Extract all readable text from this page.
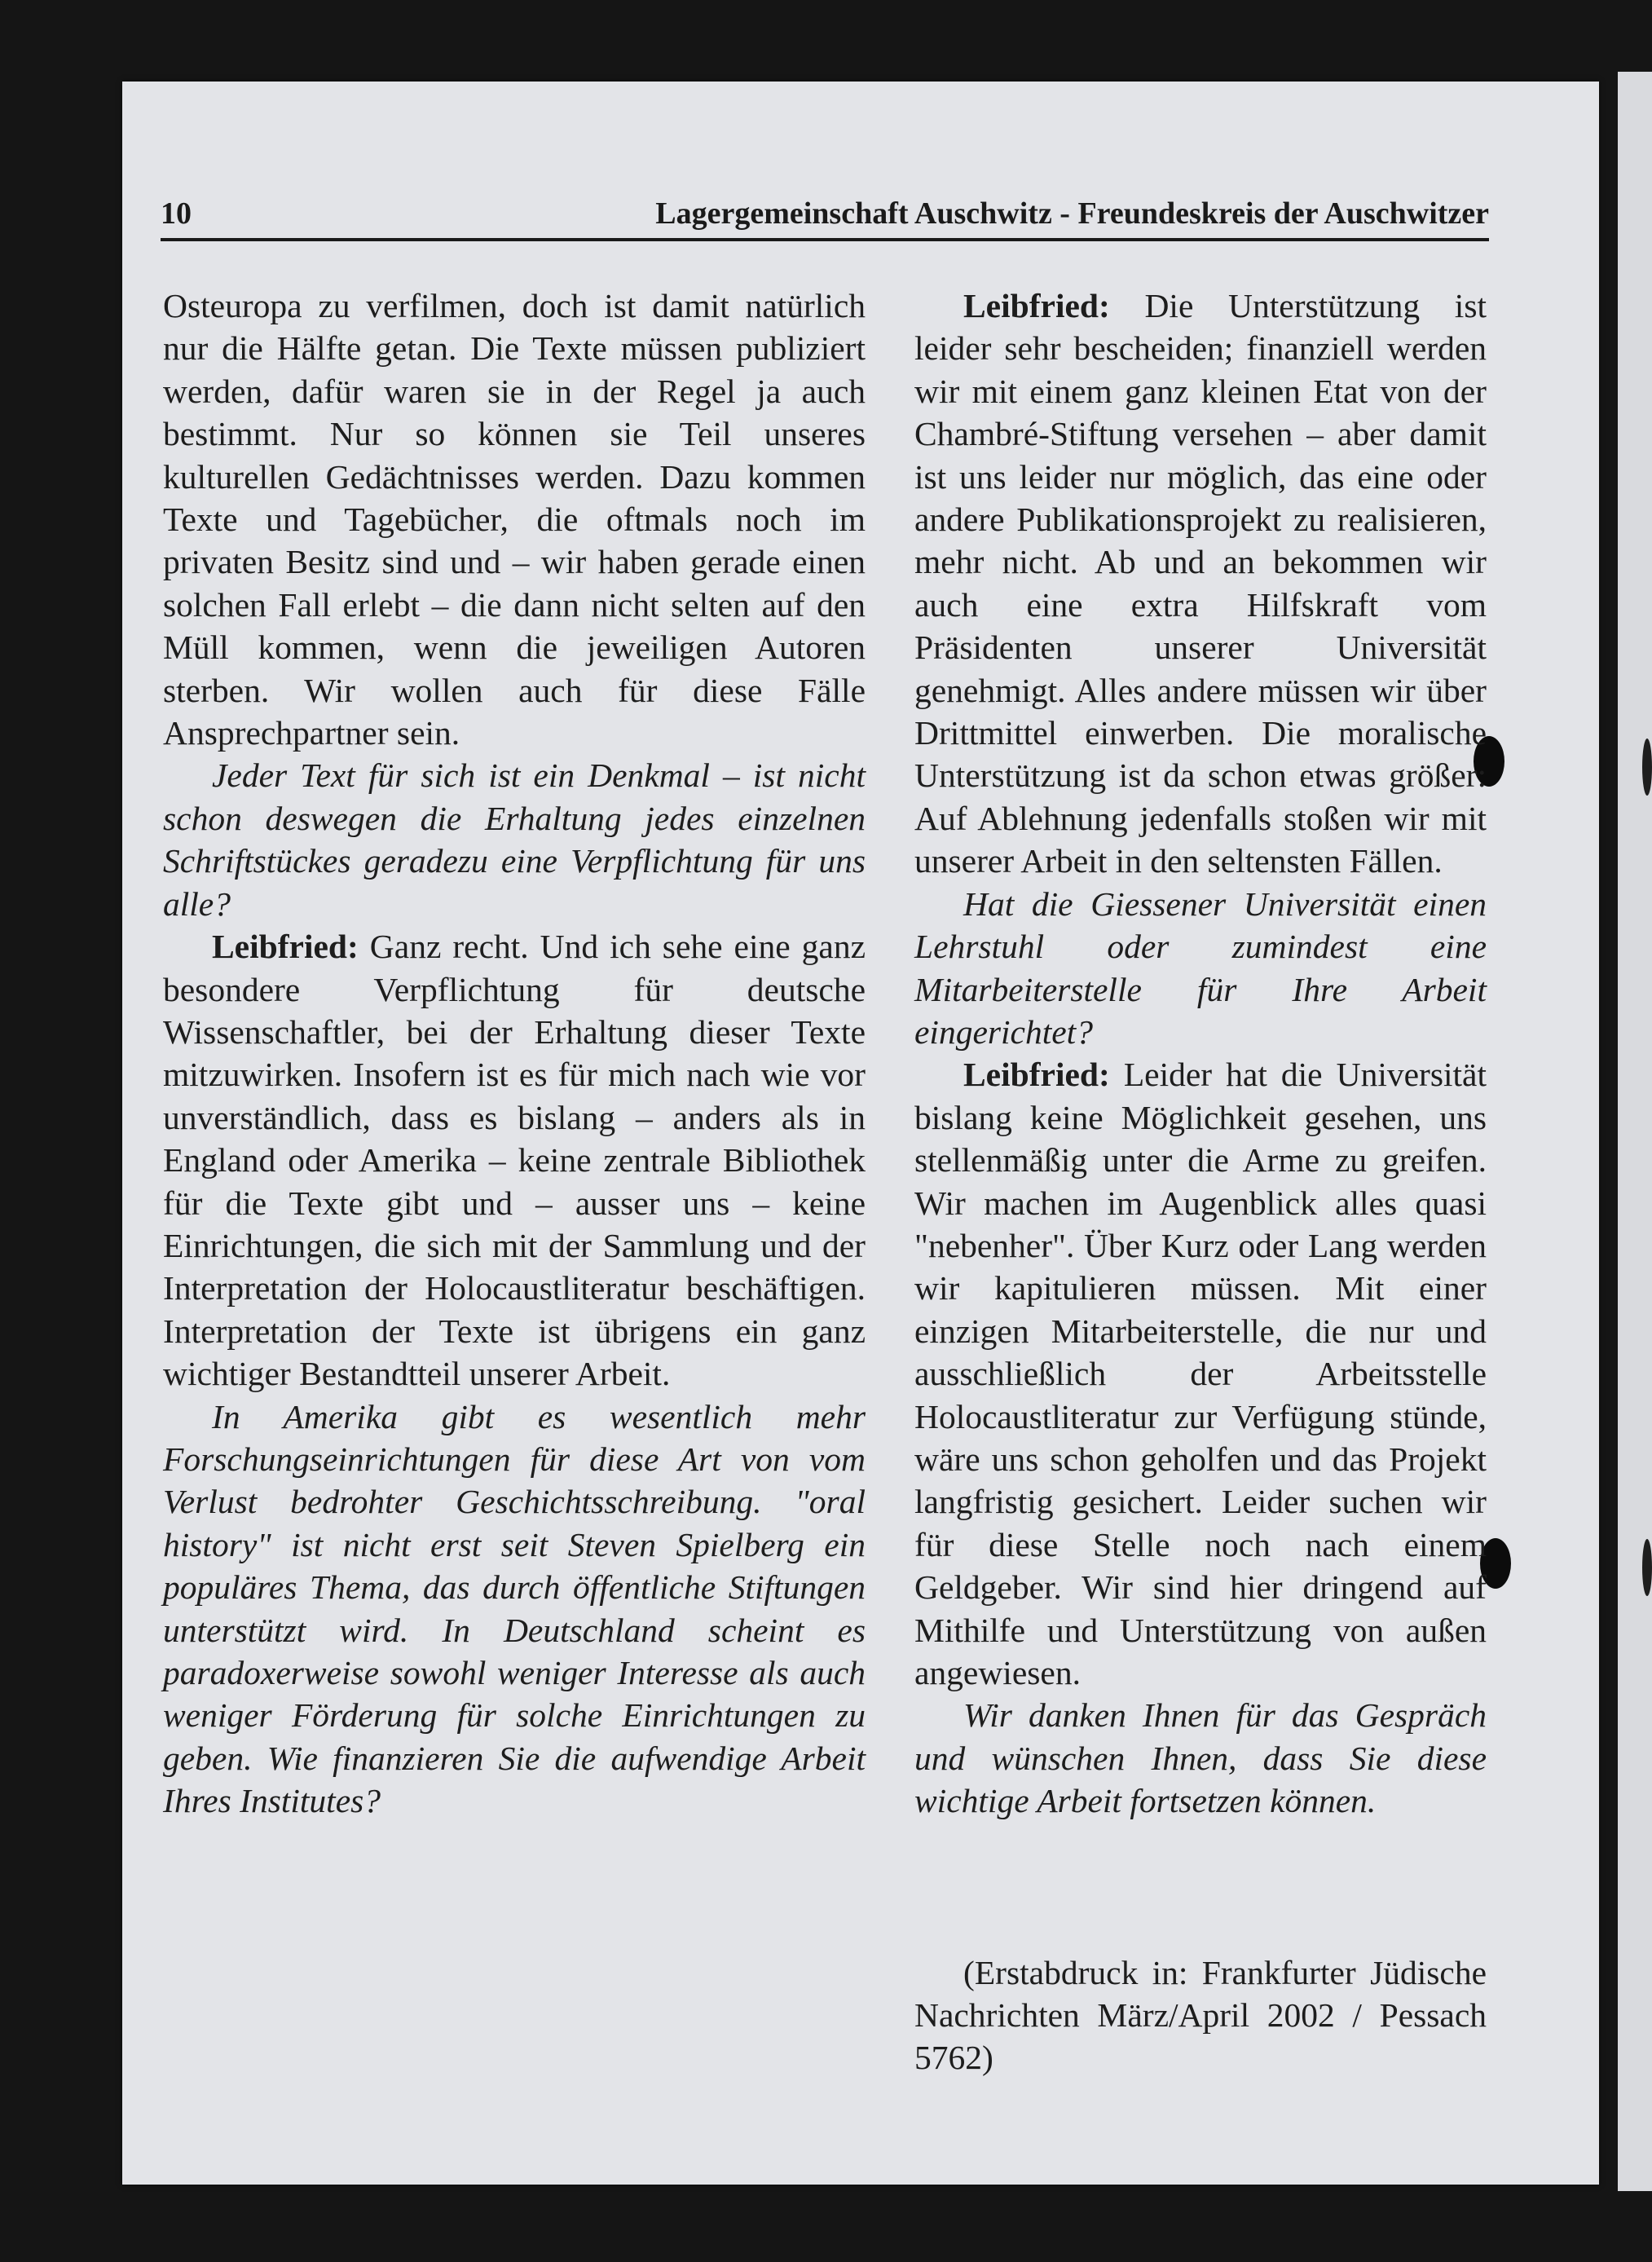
10	Lagergemeinschaft Auschwitz - Freundeskreis der Auschwitzer

Osteuropa zu verfilmen, doch ist damit natürlich nur die Hälfte getan. Die Texte müssen publiziert werden, dafür waren sie in der Regel ja auch bestimmt. Nur so können sie Teil unseres kulturellen Gedächtnisses werden. Dazu kommen Texte und Tagebücher, die oftmals noch im privaten Besitz sind und – wir haben gerade einen solchen Fall erlebt – die dann nicht selten auf den Müll kommen, wenn die jeweiligen Autoren sterben. Wir wollen auch für diese Fälle Ansprechpartner sein.

Jeder Text für sich ist ein Denkmal – ist nicht schon deswegen die Erhaltung jedes einzelnen Schriftstückes geradezu eine Verpflichtung für uns alle?

Leibfried: Ganz recht. Und ich sehe eine ganz besondere Verpflichtung für deutsche Wissenschaftler, bei der Erhaltung dieser Texte mitzuwirken. Insofern ist es für mich nach wie vor unverständlich, dass es bislang – anders als in England oder Amerika – keine zentrale Bibliothek für die Texte gibt und – ausser uns – keine Einrichtungen, die sich mit der Sammlung und der Interpretation der Holocaustliteratur beschäftigen. Interpretation der Texte ist übrigens ein ganz wichtiger Bestandtteil unserer Arbeit.

In Amerika gibt es wesentlich mehr Forschungseinrichtungen für diese Art von vom Verlust bedrohter Geschichtsschreibung. "oral history" ist nicht erst seit Steven Spielberg ein populäres Thema, das durch öffentliche Stiftungen unterstützt wird. In Deutschland scheint es paradoxerweise sowohl weniger Interesse als auch weniger Förderung für solche Einrichtungen zu geben. Wie finanzieren Sie die aufwendige Arbeit Ihres Institutes?

Leibfried: Die Unterstützung ist leider sehr bescheiden; finanziell werden wir mit einem ganz kleinen Etat von der Chambré-Stiftung versehen – aber damit ist uns leider nur möglich, das eine oder andere Publikationsprojekt zu realisieren, mehr nicht. Ab und an bekommen wir auch eine extra Hilfskraft vom Präsidenten unserer Universität genehmigt. Alles andere müssen wir über Drittmittel einwerben. Die moralische Unterstützung ist da schon etwas größer: Auf Ablehnung jedenfalls stoßen wir mit unserer Arbeit in den seltensten Fällen.

Hat die Giessener Universität einen Lehrstuhl oder zumindest eine Mitarbeiterstelle für Ihre Arbeit eingerichtet?

Leibfried: Leider hat die Universität bislang keine Möglichkeit gesehen, uns stellenmäßig unter die Arme zu greifen. Wir machen im Augenblick alles quasi "nebenher". Über Kurz oder Lang werden wir kapitulieren müssen. Mit einer einzigen Mitarbeiterstelle, die nur und ausschließlich der Arbeitsstelle Holocaustliteratur zur Verfügung stünde, wäre uns schon geholfen und das Projekt langfristig gesichert. Leider suchen wir für diese Stelle noch nach einem Geldgeber. Wir sind hier dringend auf Mithilfe und Unterstützung von außen angewiesen.

Wir danken Ihnen für das Gespräch und wünschen Ihnen, dass Sie diese wichtige Arbeit fortsetzen können.

(Erstabdruck in: Frankfurter Jüdische Nachrichten März/April 2002 / Pessach 5762)
